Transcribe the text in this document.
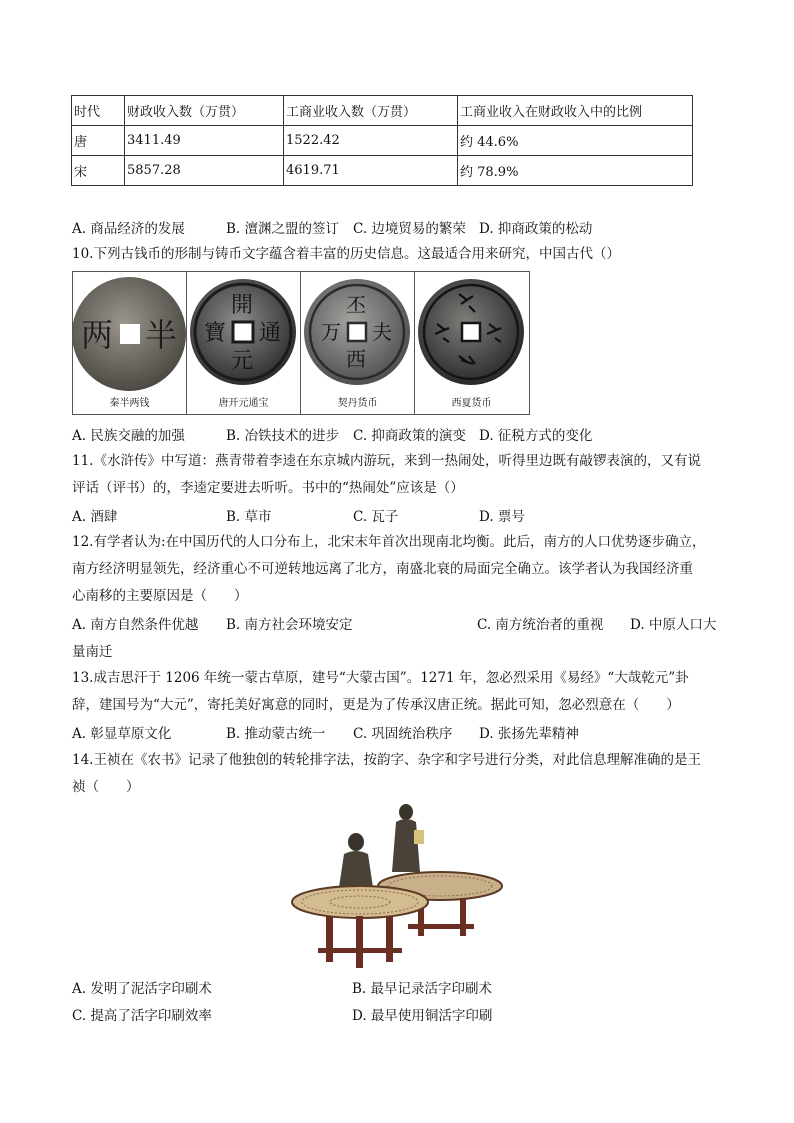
时代	财政收入数（万贯）	工商业收入数（万贯）	工商业收入在财政收入中的比例
唐	3411.49	1522.42	约 44.6%
宋	5857.28	4619.71	约 78.9%
A. 商品经济的发展	B. 澶渊之盟的签订 C. 边境贸易的繁荣 D. 抑商政策的松动
10.下列古钱币的形制与铸币文字蕴含着丰富的历史信息。这最适合用来研究，中国古代（）
两 半
秦半两钱
開
元
通
寶
唐开元通宝
丕
西
夫
万
契丹货币	西夏货币
A. 民族交融的加强	B. 冶铁技术的进步 C. 抑商政策的演变 D. 征税方式的变化
11.《水浒传》中写道：燕青带着李逵在东京城内游玩，来到一热闹处，听得里边既有敲锣表演的，又有说
评话（评书）的，李逵定要进去听听。书中的“热闹处”应该是（）
A. 酒肆	B. 草市	C. 瓦子	D. 票号
12.有学者认为:在中国历代的人口分布上，北宋末年首次出现南北均衡。此后，南方的人口优势逐步确立，
南方经济明显领先，经济重心不可逆转地远离了北方，南盛北衰的局面完全确立。该学者认为我国经济重
心南移的主要原因是（　　）
A. 南方自然条件优越 B. 南方社会环境安定	C. 南方统治者的重视 D. 中原人口大
量南迁
13.成吉思汗于 1206 年统一蒙古草原，建号“大蒙古国”。1271 年，忽必烈采用《易经》“大哉乾元”卦
辞，建国号为“大元”，寄托美好寓意的同时，更是为了传承汉唐正统。据此可知，忽必烈意在（　　）
A. 彰显草原文化	B. 推动蒙古统一 C. 巩固统治秩序 D. 张扬先辈精神
14.王祯在《农书》记录了他独创的转轮排字法，按韵字、杂字和字号进行分类，对此信息理解准确的是王
祯（　　）
A. 发明了泥活字印刷术	B. 最早记录活字印刷术
C. 提高了活字印刷效率	D. 最早使用铜活字印刷
